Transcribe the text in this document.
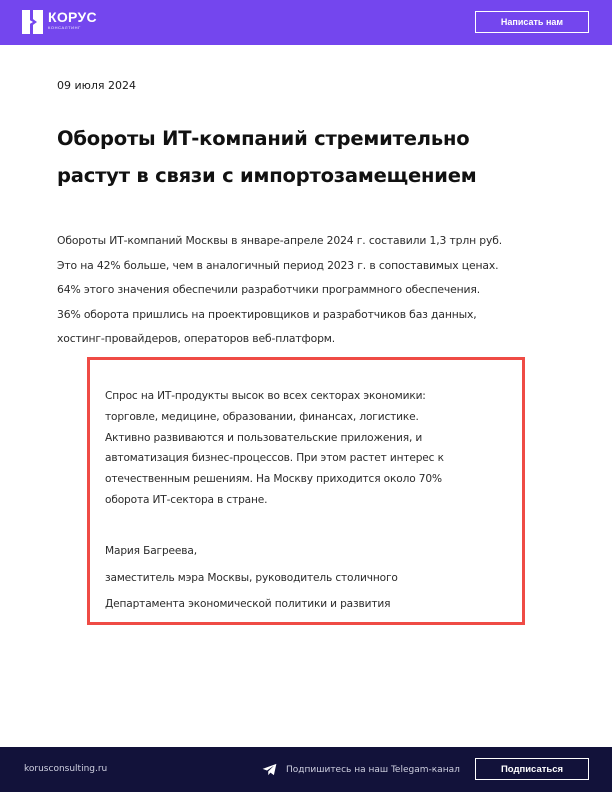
КОРУС
КОНСАЛТИНГ
Написать нам
09 июля 2024
Обороты ИТ-компаний стремительно
растут в связи с импортозамещением
Обороты ИТ-компаний Москвы в январе-апреле 2024 г. составили 1,3 трлн руб.
Это на 42% больше, чем в аналогичный период 2023 г. в сопоставимых ценах.
64% этого значения обеспечили разработчики программного обеспечения.
36% оборота пришлись на проектировщиков и разработчиков баз данных,
хостинг-провайдеров, операторов веб-платформ.
Спрос на ИТ-продукты высок во всех секторах экономики:
торговле, медицине, образовании, финансах, логистике.
Активно развиваются и пользовательские приложения, и
автоматизация бизнес-процессов. При этом растет интерес к
отечественным решениям. На Москву приходится около 70%
оборота ИТ-сектора в стране.
Мария Багреева,
заместитель мэра Москвы, руководитель столичного
Департамента экономической политики и развития
korusconsulting.ru	Подпишитесь на наш Telegam-канал	Подписаться
